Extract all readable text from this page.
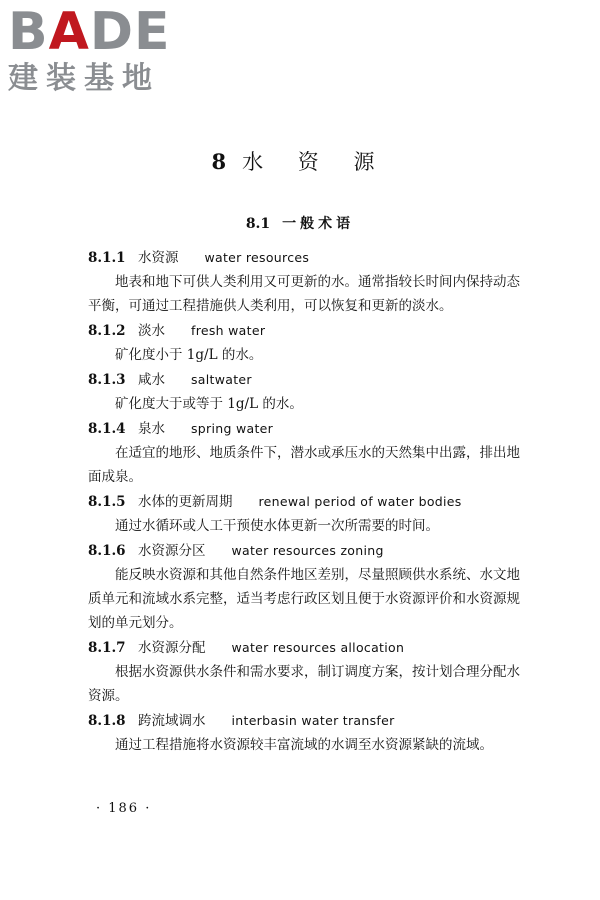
BADE
建装基地
8 水 资 源
8.1 一般术语
8.1.1 水资源 water resources

地表和地下可供人类利用又可更新的水。通常指较长时间内保持动态平衡，可通过工程措施供人类利用，可以恢复和更新的淡水。

8.1.2 淡水 fresh water

矿化度小于 1g/L 的水。

8.1.3 咸水 saltwater

矿化度大于或等于 1g/L 的水。

8.1.4 泉水 spring water

在适宜的地形、地质条件下，潜水或承压水的天然集中出露，排出地面成泉。

8.1.5 水体的更新周期 renewal period of water bodies

通过水循环或人工干预使水体更新一次所需要的时间。

8.1.6 水资源分区 water resources zoning

能反映水资源和其他自然条件地区差别，尽量照顾供水系统、水文地质单元和流域水系完整，适当考虑行政区划且便于水资源评价和水资源规划的单元划分。

8.1.7 水资源分配 water resources allocation

根据水资源供水条件和需水要求，制订调度方案，按计划合理分配水资源。

8.1.8 跨流域调水 interbasin water transfer

通过工程措施将水资源较丰富流域的水调至水资源紧缺的流域。

· 186 ·
